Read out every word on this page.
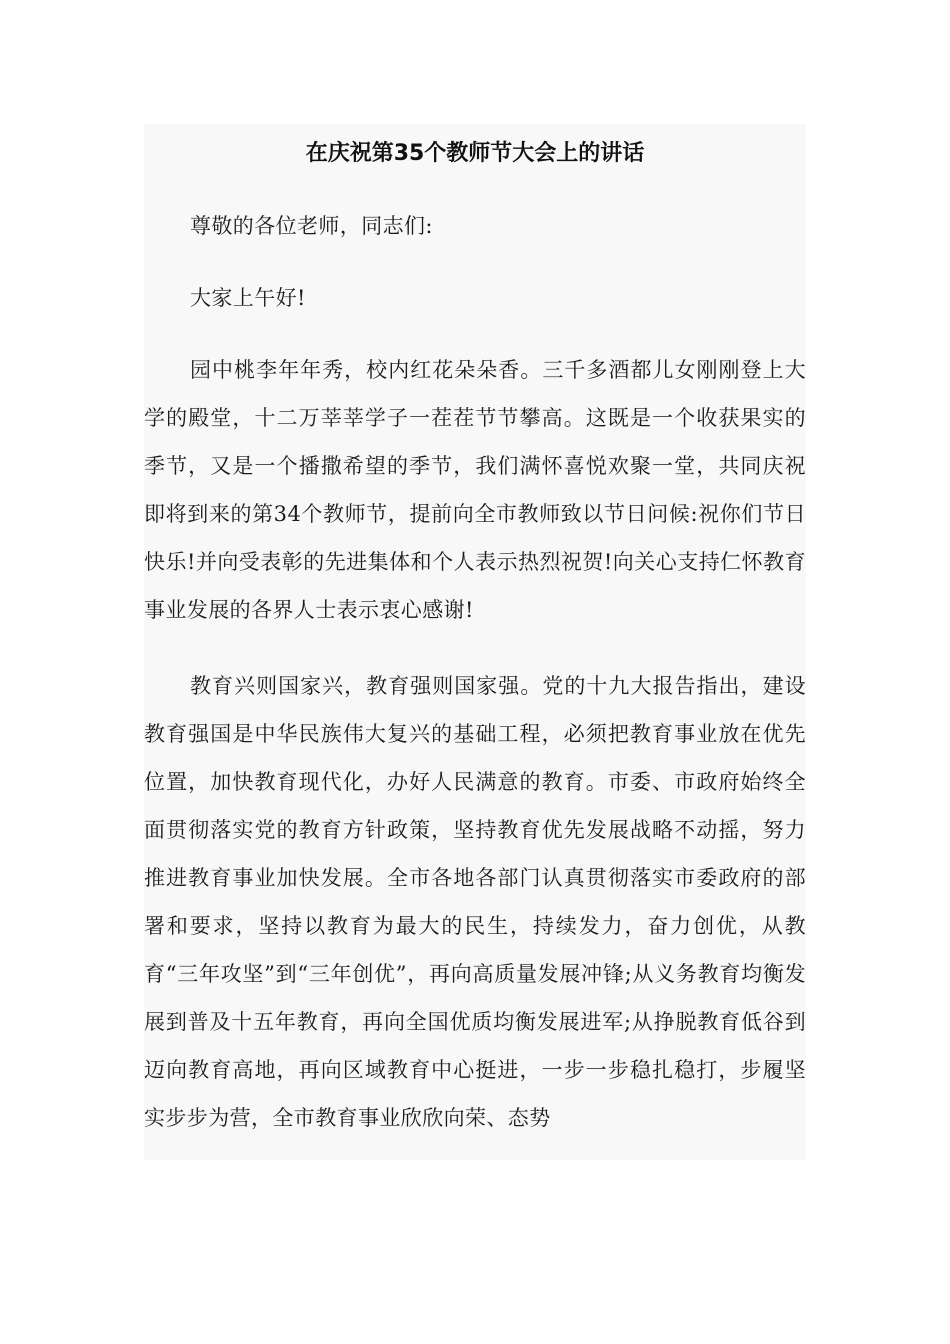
在庆祝第35个教师节大会上的讲话

尊敬的各位老师，同志们:

大家上午好!

园中桃李年年秀，校内红花朵朵香。三千多酒都儿女刚刚登上大学的殿堂，十二万莘莘学子一茬茬节节攀高。这既是一个收获果实的季节，又是一个播撒希望的季节，我们满怀喜悦欢聚一堂，共同庆祝即将到来的第34个教师节，提前向全市教师致以节日问候:祝你们节日快乐!并向受表彰的先进集体和个人表示热烈祝贺!向关心支持仁怀教育事业发展的各界人士表示衷心感谢!

教育兴则国家兴，教育强则国家强。党的十九大报告指出，建设教育强国是中华民族伟大复兴的基础工程，必须把教育事业放在优先位置，加快教育现代化，办好人民满意的教育。市委、市政府始终全面贯彻落实党的教育方针政策，坚持教育优先发展战略不动摇，努力推进教育事业加快发展。全市各地各部门认真贯彻落实市委政府的部署和要求，坚持以教育为最大的民生，持续发力，奋力创优，从教育“三年攻坚”到“三年创优”，再向高质量发展冲锋;从义务教育均衡发展到普及十五年教育，再向全国优质均衡发展进军;从挣脱教育低谷到迈向教育高地，再向区域教育中心挺进，一步一步稳扎稳打，步履坚实步步为营，全市教育事业欣欣向荣、态势
